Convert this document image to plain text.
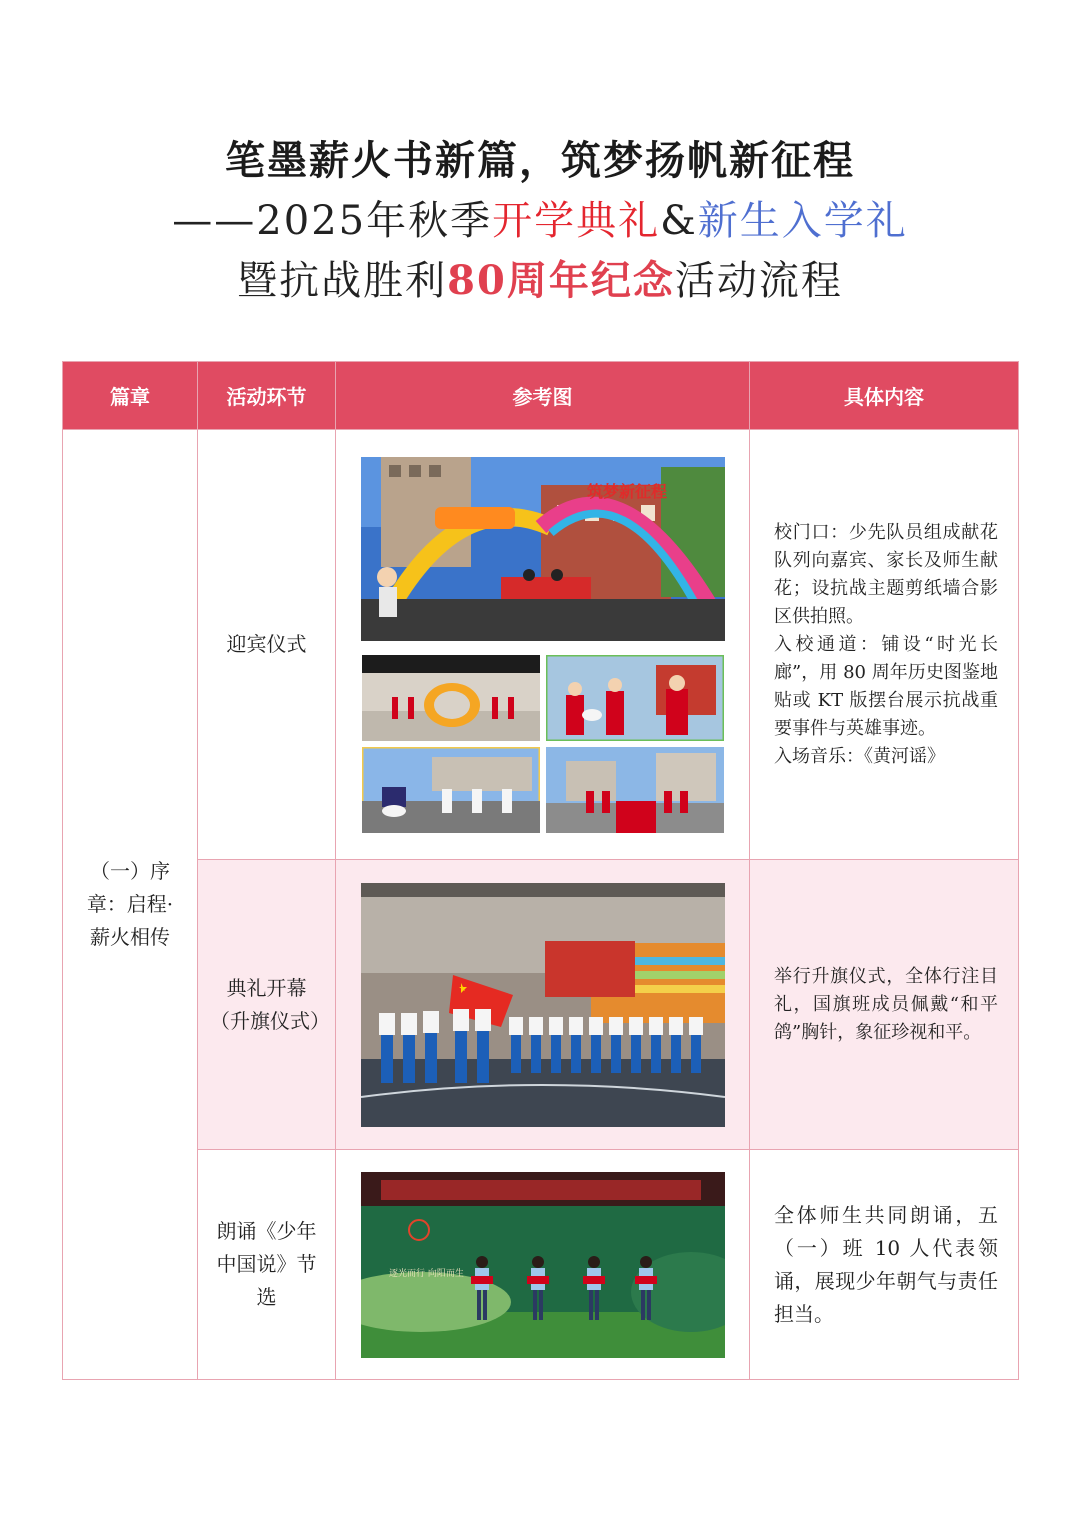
笔墨薪火书新篇，筑梦扬帆新征程
——2025年秋季开学典礼&新生入学礼
暨抗战胜利80周年纪念活动流程
篇章	活动环节	参考图	具体内容
（一）序章：启程·薪火相传	迎宾仪式	筑梦新征程	校门口：少先队员组成献花队列向嘉宾、家长及师生献花；设抗战主题剪纸墙合影区供拍照。
入校通道：铺设“时光长廊”，用 80 周年历史图鉴地贴或 KT 版摆台展示抗战重要事件与英雄事迹。
入场音乐：《黄河谣》
	典礼开幕（升旗仪式）		举行升旗仪式，全体行注目礼，国旗班成员佩戴“和平鸽”胸针，象征珍视和平。
	朗诵《少年中国说》节选	逐光而行 向阳而生	全体师生共同朗诵，五（一）班 10 人代表领诵，展现少年朝气与责任担当。
